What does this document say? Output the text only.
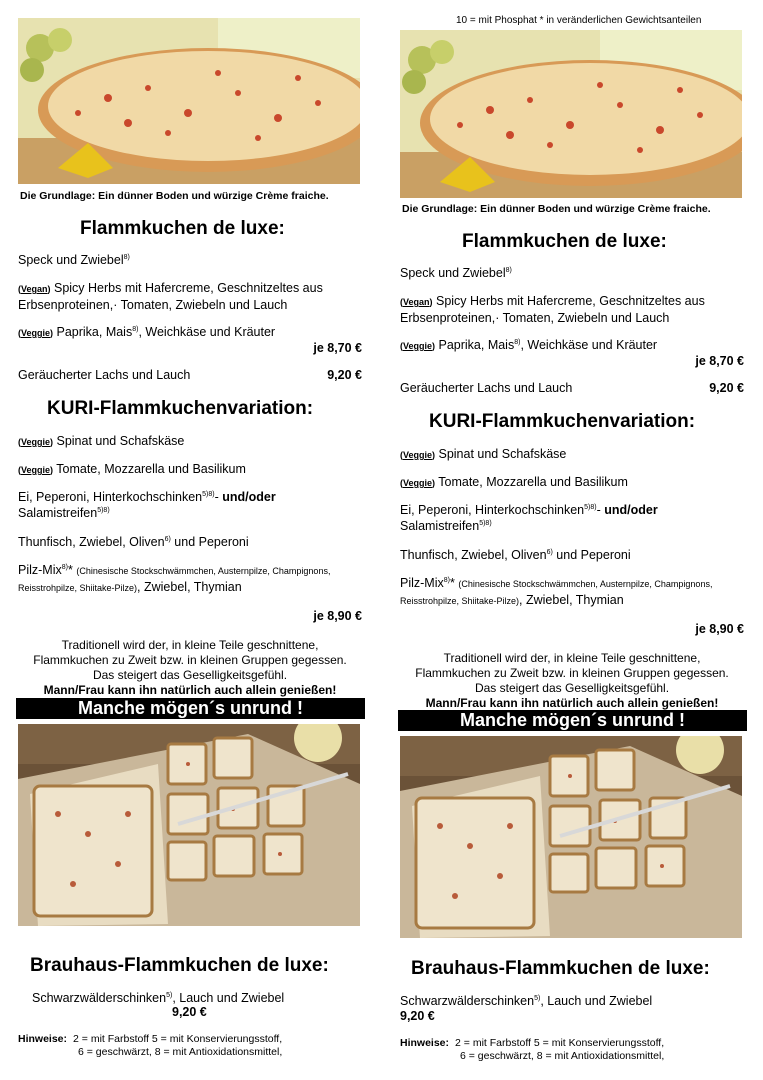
Die Grundlage: Ein dünner Boden und würzige Crème fraiche.
Flammkuchen de luxe:
Speck und Zwiebel$^{8)}$
(Vegan) Spicy Herbs mit Hafercreme, Geschnitzeltes aus Erbsenproteinen,· Tomaten, Zwiebeln und Lauch
(Veggie) Paprika, Mais$^{8)}$, Weichkäse und Kräuter
je 8,70 €
Geräucherter Lachs und Lauch	9,20 €
KURI-Flammkuchenvariation:
(Veggie) Spinat und Schafskäse
(Veggie) Tomate, Mozzarella und Basilikum
Ei, Peperoni, Hinterkochschinken$^{5)8)}$- und/oder Salamistreifen$^{5)8)}$
Thunfisch, Zwiebel, Oliven$^{6)}$ und Peperoni
Pilz-Mix$^{8)}$* (Chinesische Stockschwämmchen, Austernpilze, Champignons, Reisstrohpilze, Shiitake-Pilze), Zwiebel, Thymian
je 8,90 €
Traditionell wird der, in kleine Teile geschnittene,
Flammkuchen zu Zweit bzw. in kleinen Gruppen gegessen.
Das steigert das Geselligkeitsgefühl.
Mann/Frau kann ihn natürlich auch allein genießen!
Manche mögen´s unrund !
Brauhaus-Flammkuchen de luxe:
Schwarzwälderschinken$^{5)}$, Lauch und Zwiebel
9,20 €
Hinweise: 2 = mit Farbstoff 5 = mit Konservierungsstoff,
6 = geschwärzt, 8 = mit Antioxidationsmittel,
10 = mit Phosphat * in veränderlichen Gewichtsanteilen
Die Grundlage: Ein dünner Boden und würzige Crème fraiche.
Flammkuchen de luxe:
Speck und Zwiebel$^{8)}$
(Vegan) Spicy Herbs mit Hafercreme, Geschnitzeltes aus Erbsenproteinen,· Tomaten, Zwiebeln und Lauch
(Veggie) Paprika, Mais$^{8)}$, Weichkäse und Kräuter
je 8,70 €
Geräucherter Lachs und Lauch	9,20 €
KURI-Flammkuchenvariation:
(Veggie) Spinat und Schafskäse
(Veggie) Tomate, Mozzarella und Basilikum
Ei, Peperoni, Hinterkochschinken$^{5)8)}$- und/oder Salamistreifen$^{5)8)}$
Thunfisch, Zwiebel, Oliven$^{6)}$ und Peperoni
Pilz-Mix$^{8)}$* (Chinesische Stockschwämmchen, Austernpilze, Champignons, Reisstrohpilze, Shiitake-Pilze), Zwiebel, Thymian
je 8,90 €
Traditionell wird der, in kleine Teile geschnittene,
Flammkuchen zu Zweit bzw. in kleinen Gruppen gegessen.
Das steigert das Geselligkeitsgefühl.
Mann/Frau kann ihn natürlich auch allein genießen!
Manche mögen´s unrund !
Brauhaus-Flammkuchen de luxe:
Schwarzwälderschinken$^{5)}$, Lauch und Zwiebel
9,20 €
Hinweise: 2 = mit Farbstoff 5 = mit Konservierungsstoff,
6 = geschwärzt, 8 = mit Antioxidationsmittel,
